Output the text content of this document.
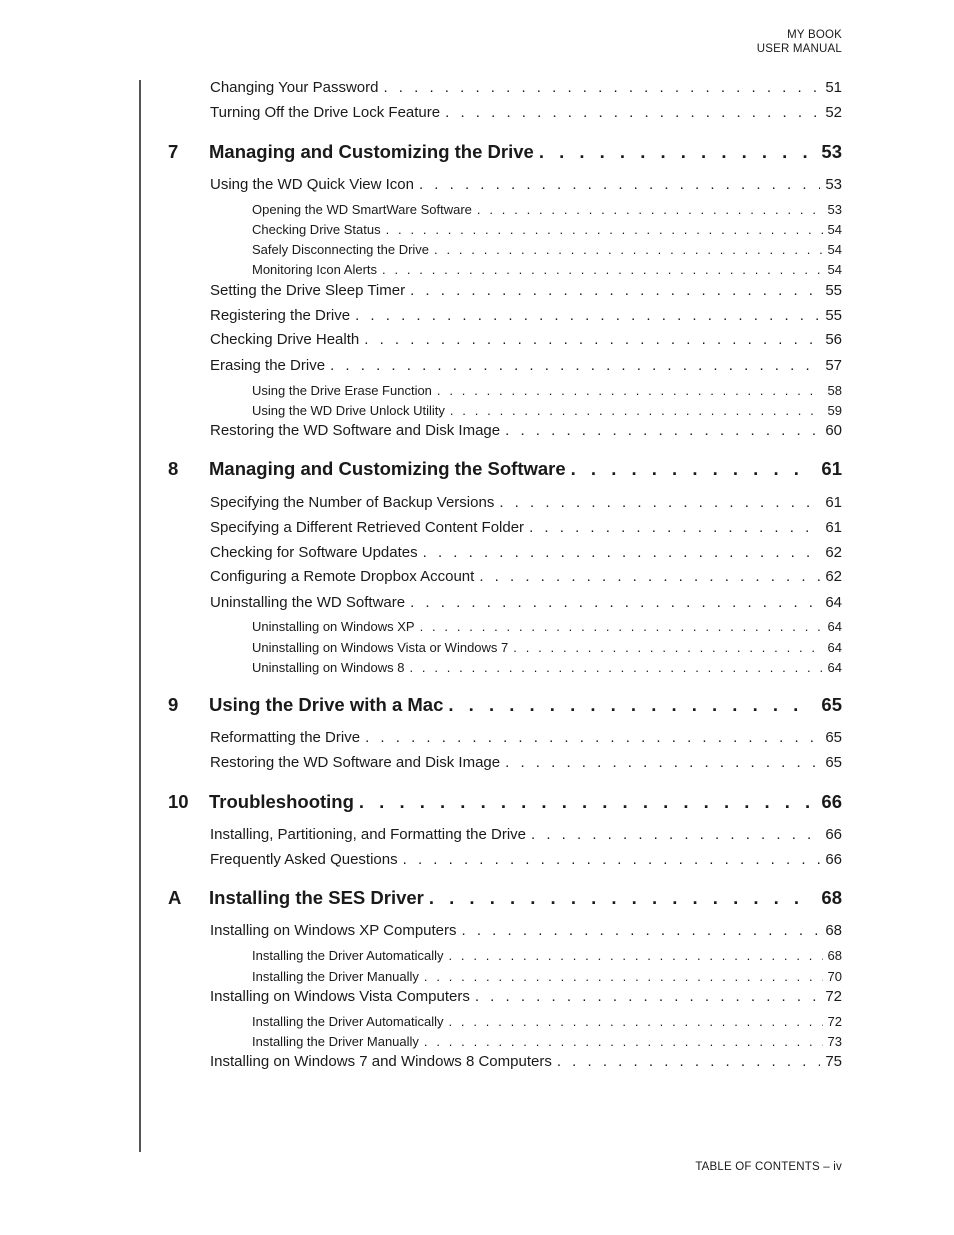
MY BOOK
USER MANUAL
Changing Your Password . . .	51
Turning Off the Drive Lock Feature . . .	52
7	Managing and Customizing the Drive . . .	53
Using the WD Quick View Icon . . .	53
Opening the WD SmartWare Software . . .	53
Checking Drive Status . . .	54
Safely Disconnecting the Drive . . .	54
Monitoring Icon Alerts . . .	54
Setting the Drive Sleep Timer . . .	55
Registering the Drive . . .	55
Checking Drive Health . . .	56
Erasing the Drive . . .	57
Using the Drive Erase Function . . .	58
Using the WD Drive Unlock Utility . . .	59
Restoring the WD Software and Disk Image . . .	60
8	Managing and Customizing the Software . . .	61
Specifying the Number of Backup Versions . . .	61
Specifying a Different Retrieved Content Folder . . .	61
Checking for Software Updates . . .	62
Configuring a Remote Dropbox Account . . .	62
Uninstalling the WD Software . . .	64
Uninstalling on Windows XP . . .	64
Uninstalling on Windows Vista or Windows 7 . . .	64
Uninstalling on Windows 8 . . .	64
9	Using the Drive with a Mac . . .	65
Reformatting the Drive . . .	65
Restoring the WD Software and Disk Image . . .	65
10	Troubleshooting . . .	66
Installing, Partitioning, and Formatting the Drive . . .	66
Frequently Asked Questions . . .	66
A	Installing the SES Driver . . .	68
Installing on Windows XP Computers . . .	68
Installing the Driver Automatically . . .	68
Installing the Driver Manually . . .	70
Installing on Windows Vista Computers . . .	72
Installing the Driver Automatically . . .	72
Installing the Driver Manually . . .	73
Installing on Windows 7 and Windows 8 Computers . . .	75
TABLE OF CONTENTS – iv
